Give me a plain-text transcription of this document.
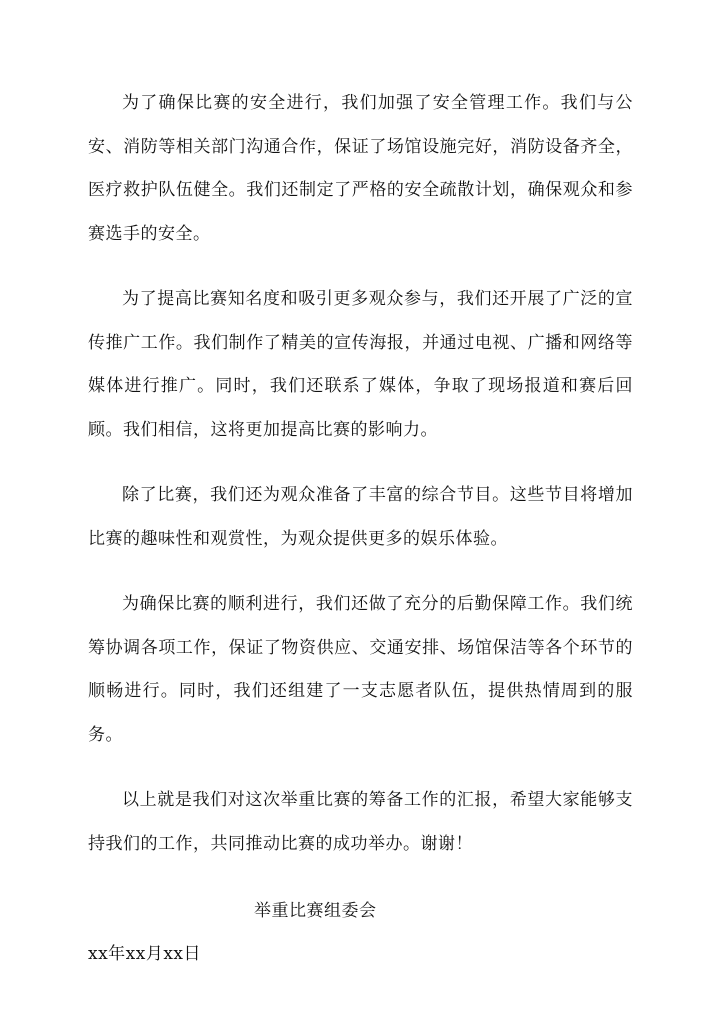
为了确保比赛的安全进行，我们加强了安全管理工作。我们与公安、消防等相关部门沟通合作，保证了场馆设施完好，消防设备齐全，医疗救护队伍健全。我们还制定了严格的安全疏散计划，确保观众和参赛选手的安全。

为了提高比赛知名度和吸引更多观众参与，我们还开展了广泛的宣传推广工作。我们制作了精美的宣传海报，并通过电视、广播和网络等媒体进行推广。同时，我们还联系了媒体，争取了现场报道和赛后回顾。我们相信，这将更加提高比赛的影响力。

除了比赛，我们还为观众准备了丰富的综合节目。这些节目将增加比赛的趣味性和观赏性，为观众提供更多的娱乐体验。

为确保比赛的顺利进行，我们还做了充分的后勤保障工作。我们统筹协调各项工作，保证了物资供应、交通安排、场馆保洁等各个环节的顺畅进行。同时，我们还组建了一支志愿者队伍，提供热情周到的服务。

以上就是我们对这次举重比赛的筹备工作的汇报，希望大家能够支持我们的工作，共同推动比赛的成功举办。谢谢！

举重比赛组委会

xx年xx月xx日
